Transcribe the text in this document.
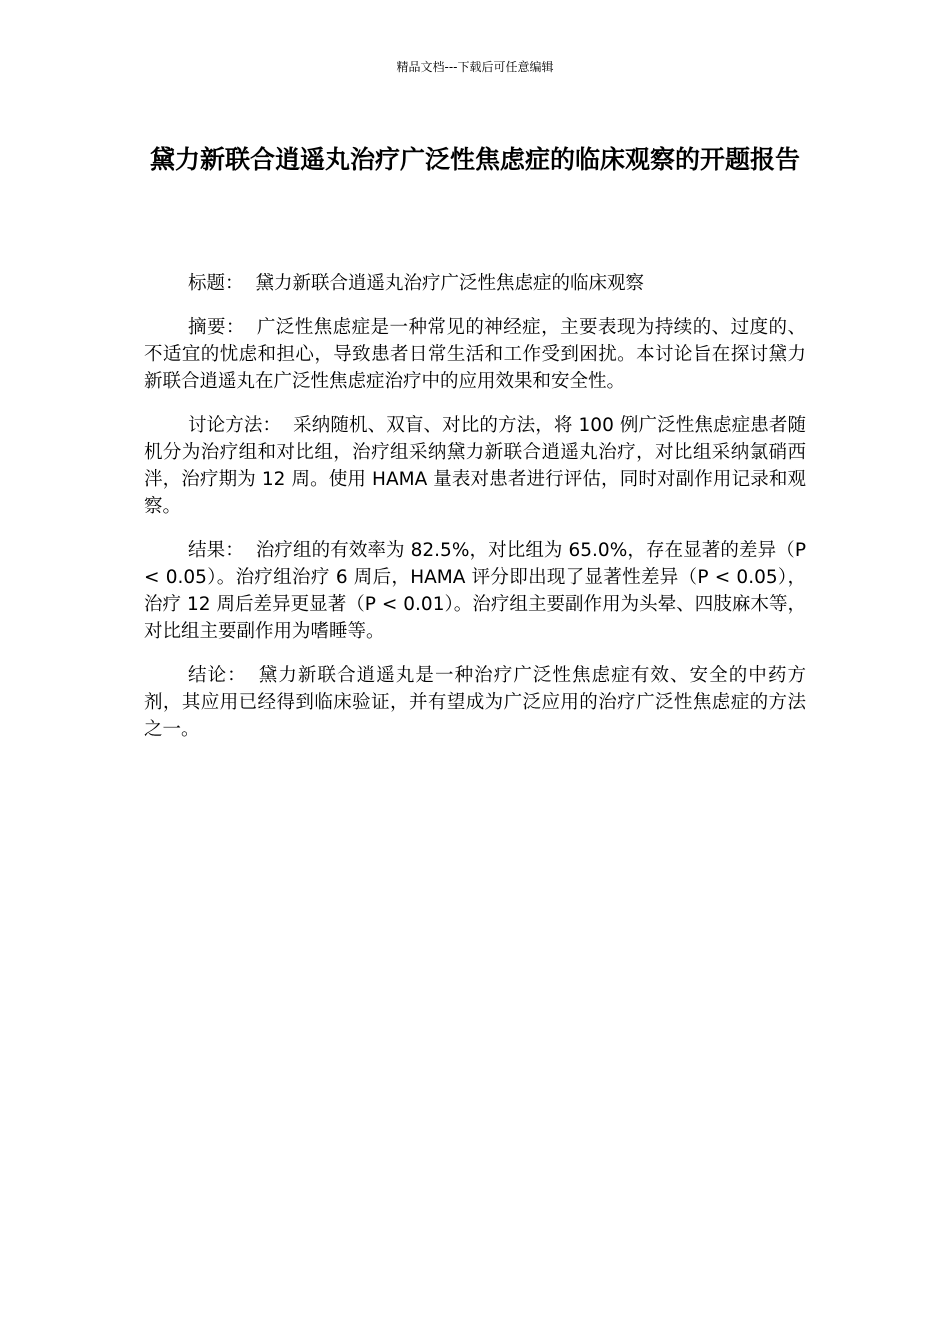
精品文档---下载后可任意编辑
黛力新联合逍遥丸治疗广泛性焦虑症的临床观察的开题报告

标题： 黛力新联合逍遥丸治疗广泛性焦虑症的临床观察

摘要： 广泛性焦虑症是一种常见的神经症，主要表现为持续的、过度的、不适宜的忧虑和担心，导致患者日常生活和工作受到困扰。本讨论旨在探讨黛力新联合逍遥丸在广泛性焦虑症治疗中的应用效果和安全性。

讨论方法： 采纳随机、双盲、对比的方法，将 100 例广泛性焦虑症患者随机分为治疗组和对比组，治疗组采纳黛力新联合逍遥丸治疗，对比组采纳氯硝西泮，治疗期为 12 周。使用 HAMA 量表对患者进行评估，同时对副作用记录和观察。

结果： 治疗组的有效率为 82.5%，对比组为 65.0%，存在显著的差异（P < 0.05）。治疗组治疗 6 周后，HAMA 评分即出现了显著性差异（P < 0.05），治疗 12 周后差异更显著（P < 0.01）。治疗组主要副作用为头晕、四肢麻木等，对比组主要副作用为嗜睡等。

结论： 黛力新联合逍遥丸是一种治疗广泛性焦虑症有效、安全的中药方剂，其应用已经得到临床验证，并有望成为广泛应用的治疗广泛性焦虑症的方法之一。
